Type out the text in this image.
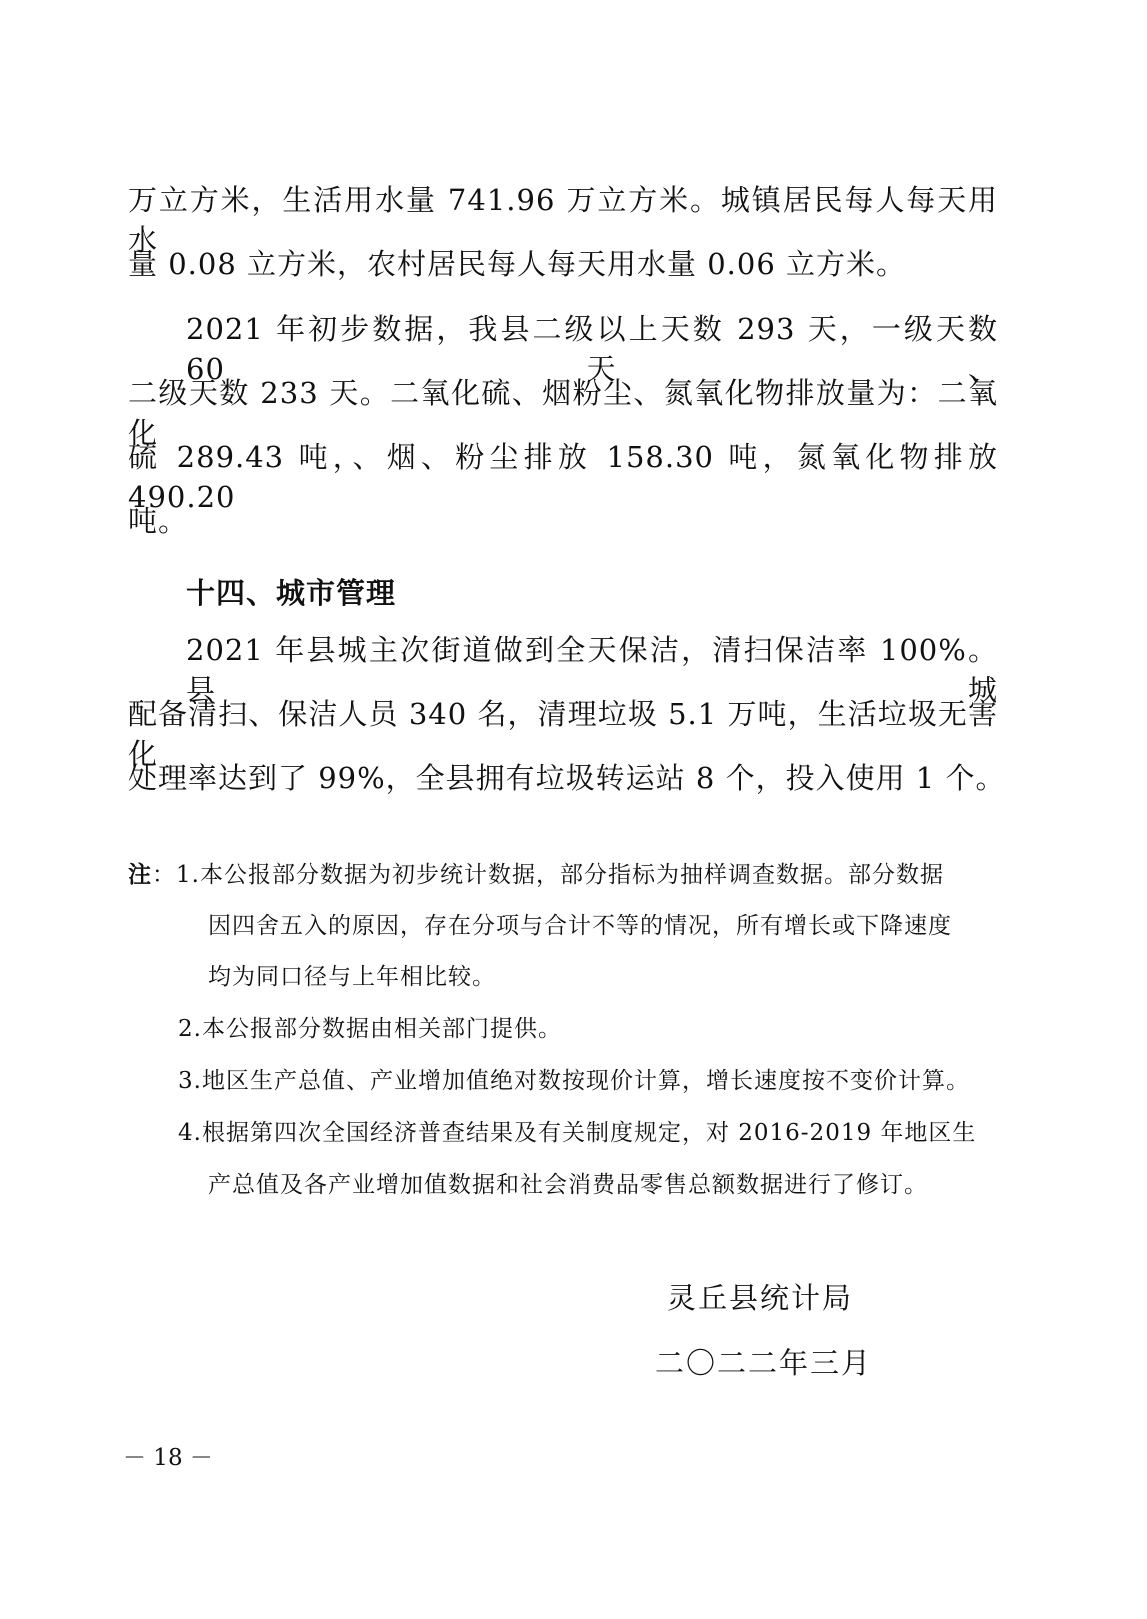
万立方米，生活用水量 741.96 万立方米。城镇居民每人每天用水
量 0.08 立方米，农村居民每人每天用水量 0.06 立方米。
2021 年初步数据，我县二级以上天数 293 天，一级天数 60 天、
二级天数 233 天。二氧化硫、烟粉尘、氮氧化物排放量为：二氧化
硫 289.43 吨，、烟、粉尘排放 158.30 吨，氮氧化物排放 490.20
吨。
十四、城市管理
2021 年县城主次街道做到全天保洁，清扫保洁率 100%。县城
配备清扫、保洁人员 340 名，清理垃圾 5.1 万吨，生活垃圾无害化
处理率达到了 99%，全县拥有垃圾转运站 8 个，投入使用 1 个。
注：1.本公报部分数据为初步统计数据，部分指标为抽样调查数据。部分数据
因四舍五入的原因，存在分项与合计不等的情况，所有增长或下降速度
均为同口径与上年相比较。
2.本公报部分数据由相关部门提供。
3.地区生产总值、产业增加值绝对数按现价计算，增长速度按不变价计算。
4.根据第四次全国经济普查结果及有关制度规定，对 2016-2019 年地区生
产总值及各产业增加值数据和社会消费品零售总额数据进行了修订。
灵丘县统计局
二〇二二年三月
－ 18 －
